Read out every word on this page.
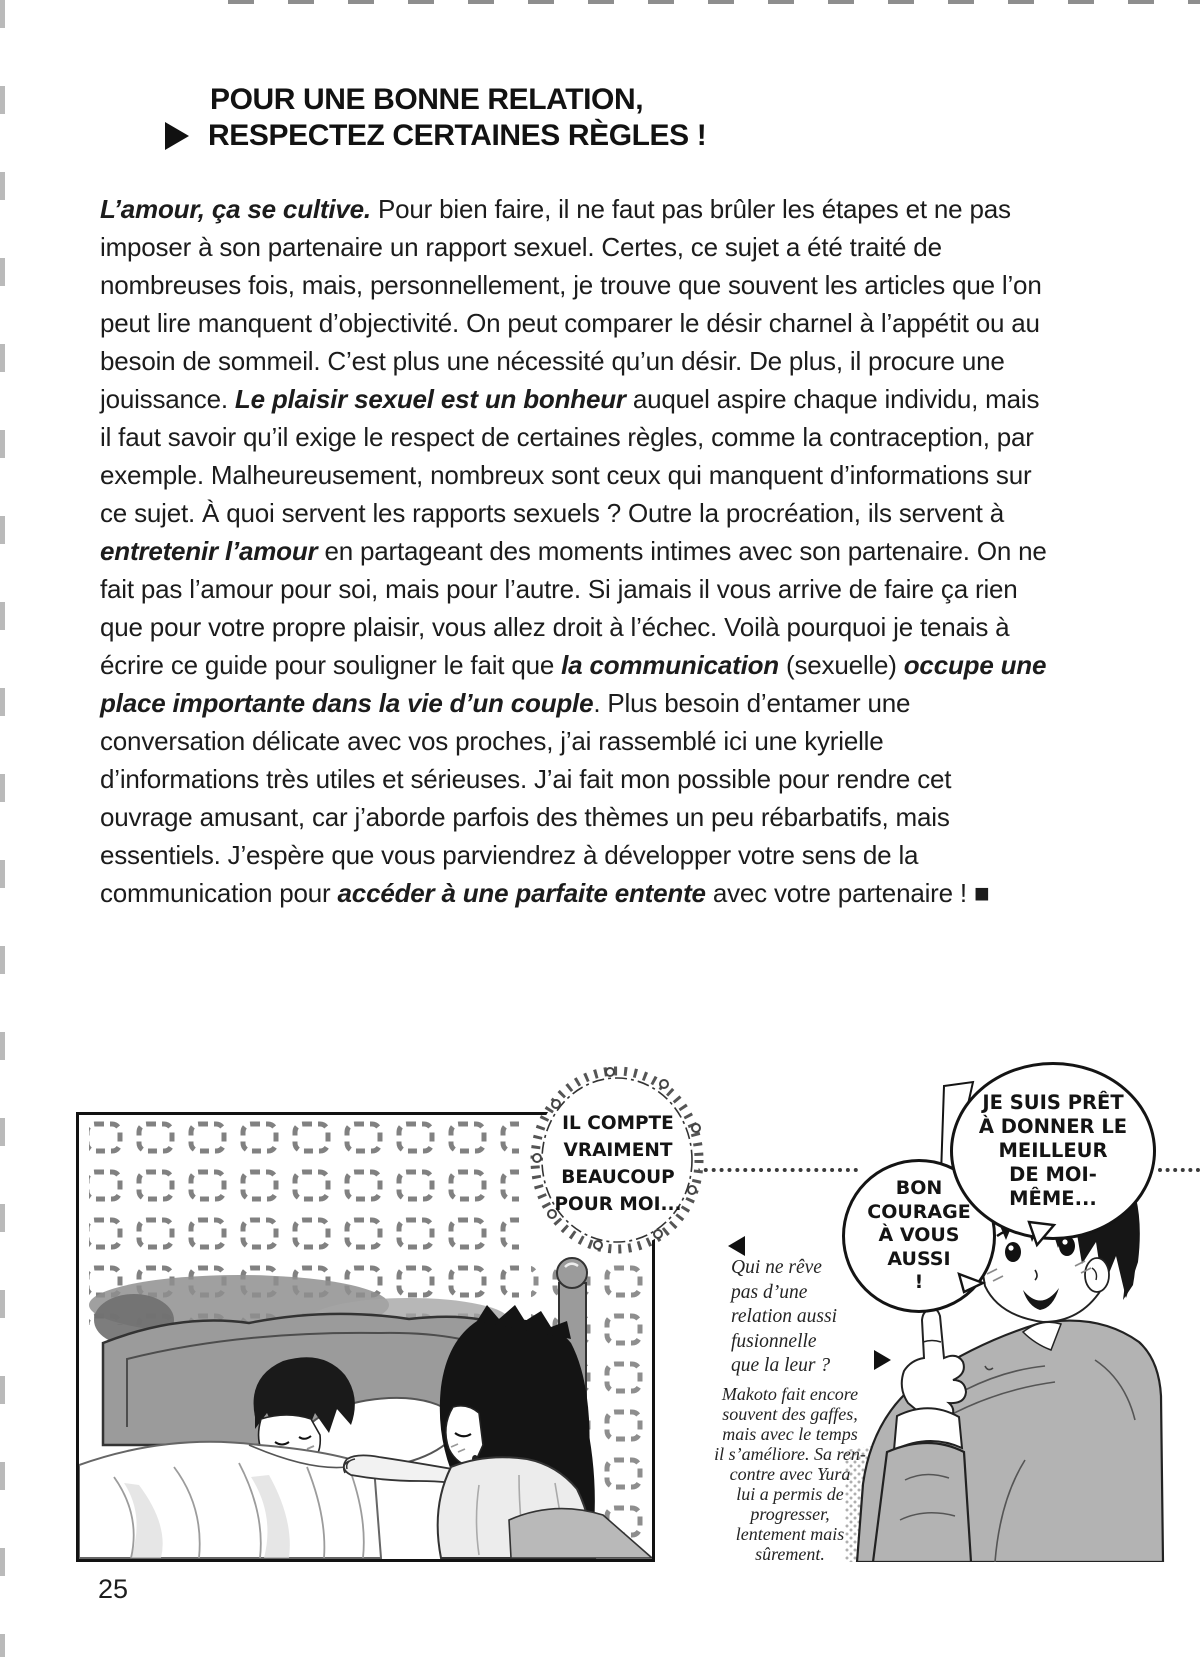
POUR UNE BONNE RELATION,
RESPECTEZ CERTAINES RÈGLES !
L’amour, ça se cultive. Pour bien faire, il ne faut pas brûler les étapes et ne pas imposer à son partenaire un rapport sexuel. Certes, ce sujet a été traité de nombreuses fois, mais, personnellement, je trouve que souvent les articles que l’on peut lire manquent d’objectivité. On peut comparer le désir charnel à l’appétit ou au besoin de sommeil. C’est plus une nécessité qu’un désir. De plus, il procure une jouissance. Le plaisir sexuel est un bonheur auquel aspire chaque individu, mais il faut savoir qu’il exige le respect de certaines règles, comme la contraception, par exemple. Malheureusement, nombreux sont ceux qui manquent d’informations sur ce sujet. À quoi servent les rapports sexuels ? Outre la procréation, ils servent à entretenir l’amour en partageant des moments intimes avec son partenaire. On ne fait pas l’amour pour soi, mais pour l’autre. Si jamais il vous arrive de faire ça rien que pour votre propre plaisir, vous allez droit à l’échec. Voilà pourquoi je tenais à écrire ce guide pour souligner le fait que la communication (sexuelle) occupe une place importante dans la vie d’un couple. Plus besoin d’entamer une conversation délicate avec vos proches, j’ai rassemblé ici une kyrielle d’informations très utiles et sérieuses. J’ai fait mon possible pour rendre cet ouvrage amusant, car j’aborde parfois des thèmes un peu rébarbatifs, mais essentiels. J’espère que vous parviendrez à développer votre sens de la communication pour accéder à une parfaite entente avec votre partenaire ! ■
IL COMPTE
VRAIMENT
BEAUCOUP
POUR MOI...
BON
COURAGE
À VOUS
AUSSI
!
JE SUIS PRÊT
À DONNER LE
MEILLEUR
DE MOI-
MÊME...
Qui ne rêve
pas d’une
relation aussi
fusionnelle
que la leur ?
Makoto fait encore
souvent des gaffes,
mais avec le temps
il s’améliore. Sa ren-
contre avec Yura
lui a permis de
progresser,
lentement mais
sûrement.
25
